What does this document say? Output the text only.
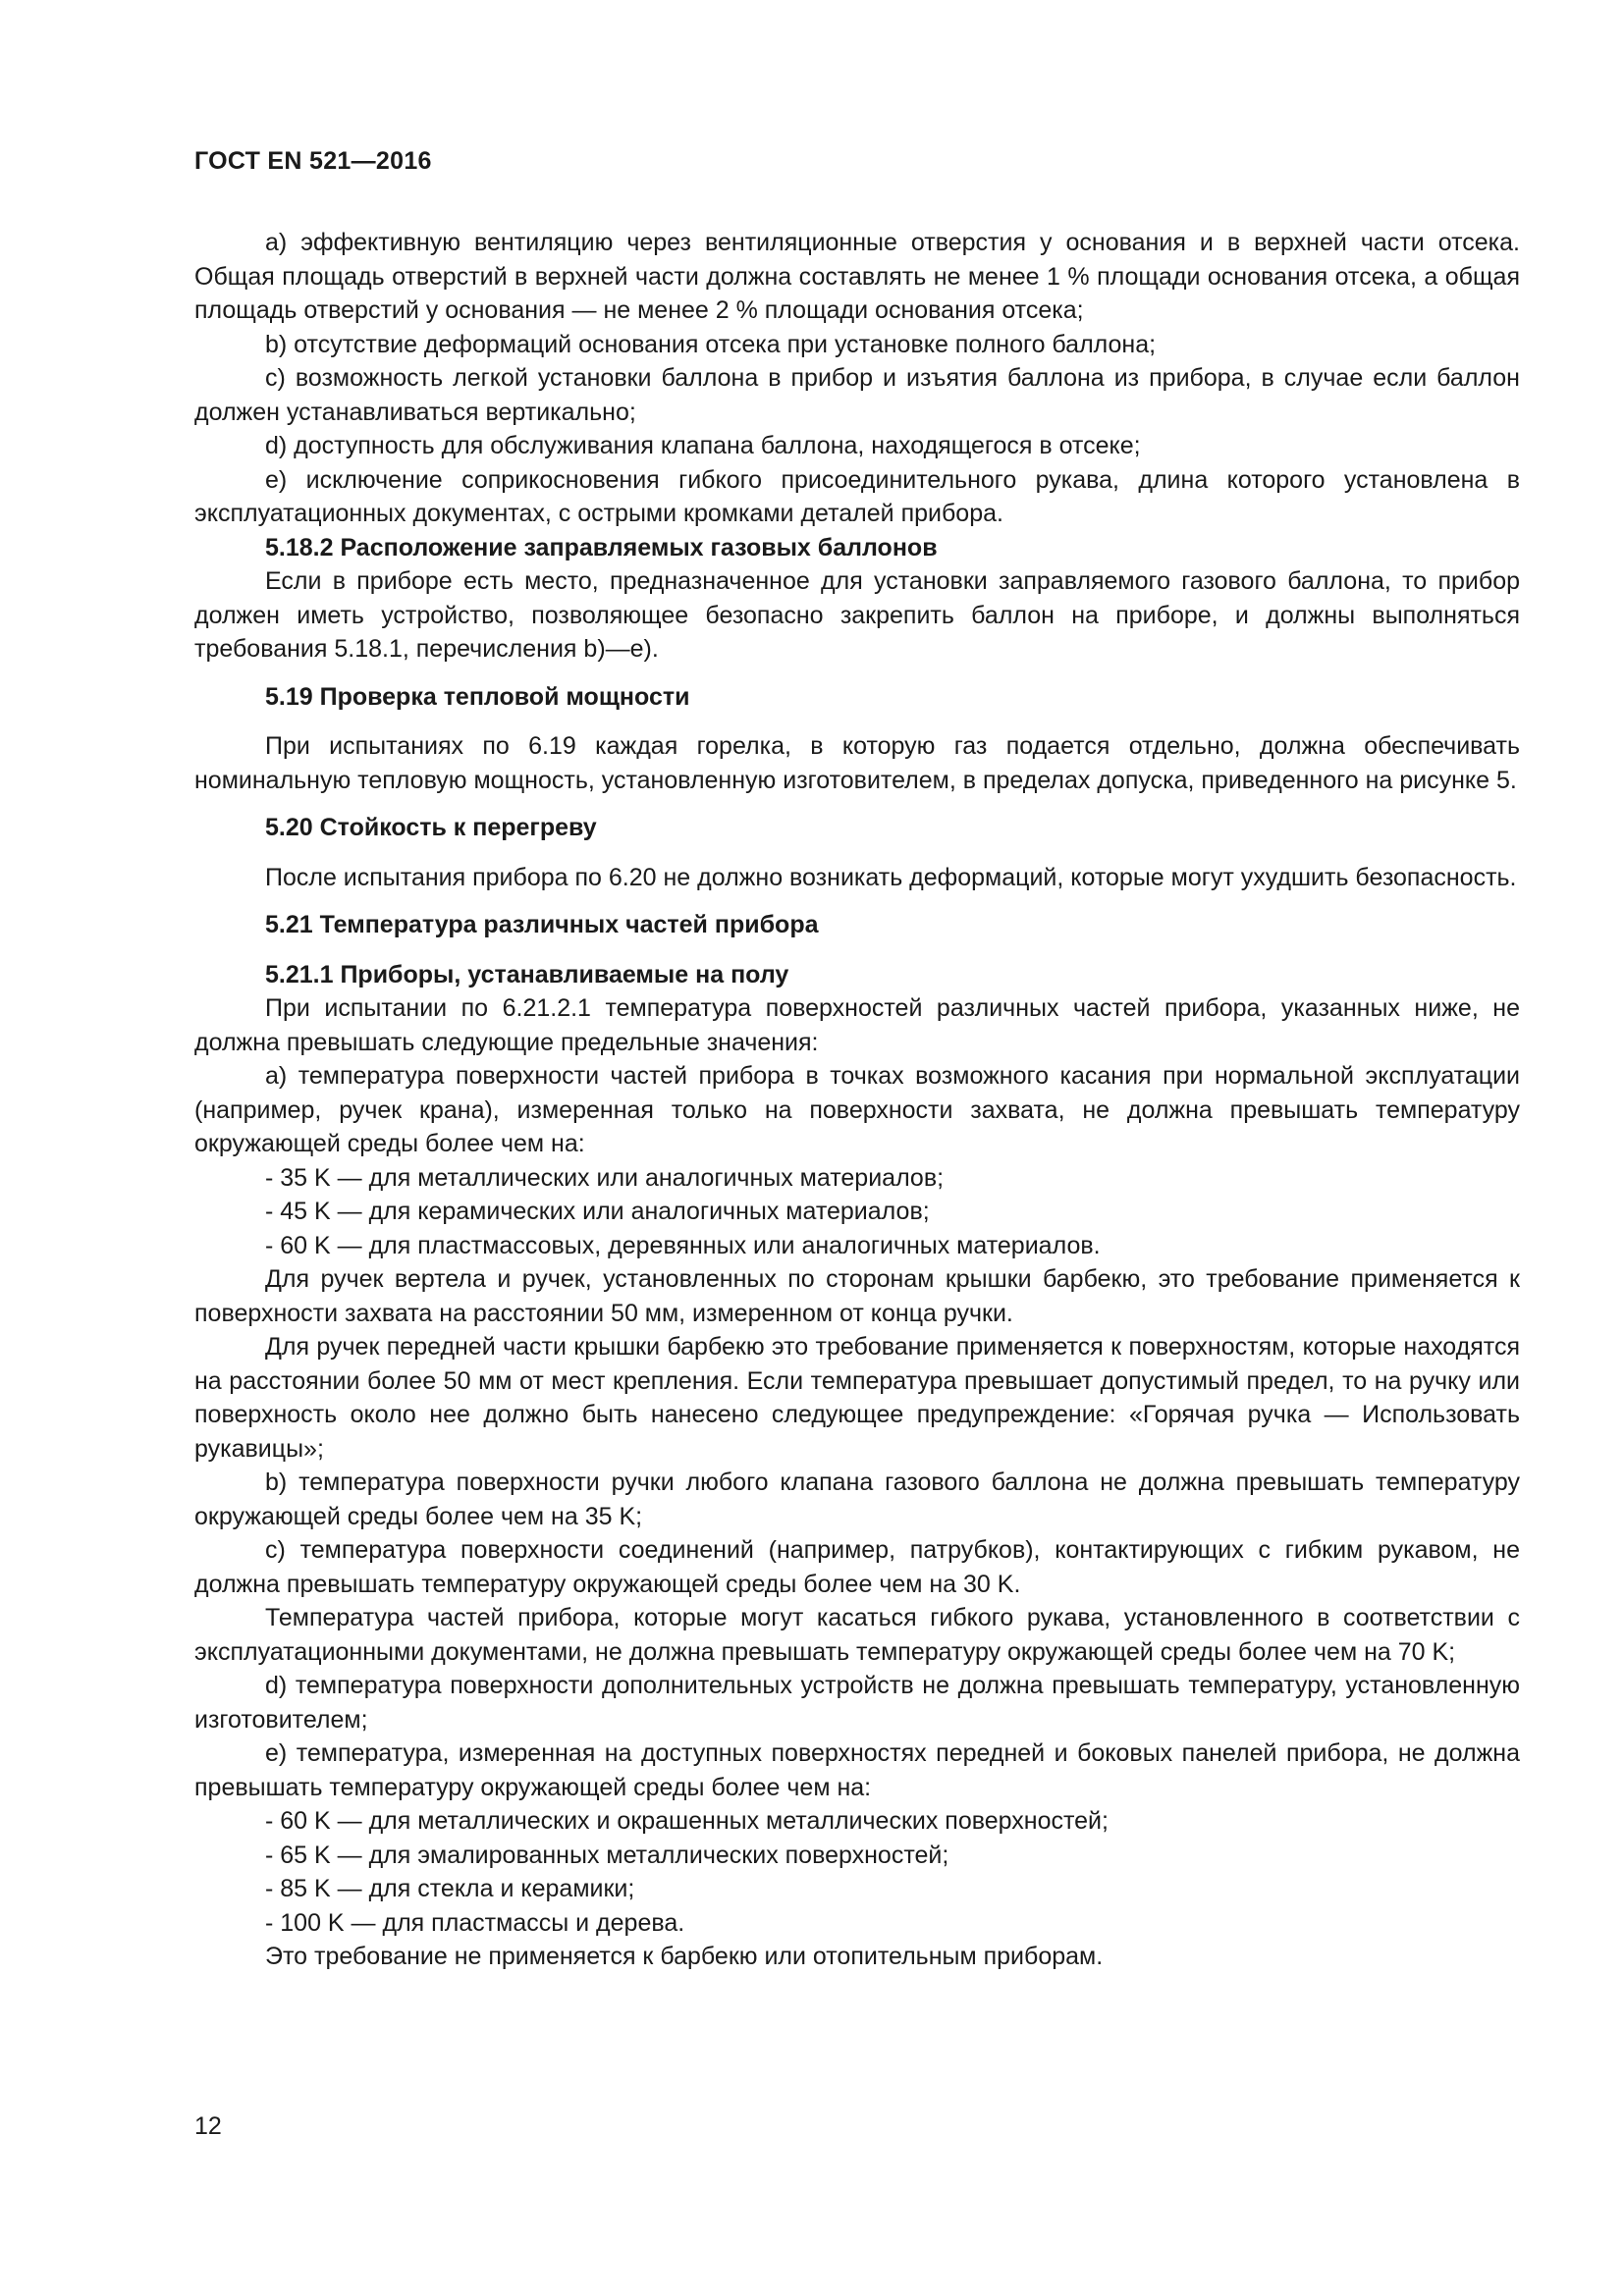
ГОСТ EN 521—2016

a) эффективную вентиляцию через вентиляционные отверстия у основания и в верхней части отсека. Общая площадь отверстий в верхней части должна составлять не менее 1 % площади основания отсека, а общая площадь отверстий у основания — не менее 2 % площади основания отсека;

b) отсутствие деформаций основания отсека при установке полного баллона;

c) возможность легкой установки баллона в прибор и изъятия баллона из прибора, в случае если баллон должен устанавливаться вертикально;

d) доступность для обслуживания клапана баллона, находящегося в отсеке;

e) исключение соприкосновения гибкого присоединительного рукава, длина которого установлена в эксплуатационных документах, с острыми кромками деталей прибора.

5.18.2 Расположение заправляемых газовых баллонов

Если в приборе есть место, предназначенное для установки заправляемого газового баллона, то прибор должен иметь устройство, позволяющее безопасно закрепить баллон на приборе, и должны выполняться требования 5.18.1, перечисления b)—e).

5.19 Проверка тепловой мощности

При испытаниях по 6.19 каждая горелка, в которую газ подается отдельно, должна обеспечивать номинальную тепловую мощность, установленную изготовителем, в пределах допуска, приведенного на рисунке 5.

5.20 Стойкость к перегреву

После испытания прибора по 6.20 не должно возникать деформаций, которые могут ухудшить безопасность.

5.21 Температура различных частей прибора
5.21.1 Приборы, устанавливаемые на полу

При испытании по 6.21.2.1 температура поверхностей различных частей прибора, указанных ниже, не должна превышать следующие предельные значения:

a) температура поверхности частей прибора в точках возможного касания при нормальной эксплуатации (например, ручек крана), измеренная только на поверхности захвата, не должна превышать температуру окружающей среды более чем на:

- 35 K — для металлических или аналогичных материалов;

- 45 K — для керамических или аналогичных материалов;

- 60 K — для пластмассовых, деревянных или аналогичных материалов.

Для ручек вертела и ручек, установленных по сторонам крышки барбекю, это требование применяется к поверхности захвата на расстоянии 50 мм, измеренном от конца ручки.

Для ручек передней части крышки барбекю это требование применяется к поверхностям, которые находятся на расстоянии более 50 мм от мест крепления. Если температура превышает допустимый предел, то на ручку или поверхность около нее должно быть нанесено следующее предупреждение: «Горячая ручка — Использовать рукавицы»;

b) температура поверхности ручки любого клапана газового баллона не должна превышать температуру окружающей среды более чем на 35 K;

c) температура поверхности соединений (например, патрубков), контактирующих с гибким рукавом, не должна превышать температуру окружающей среды более чем на 30 K.

Температура частей прибора, которые могут касаться гибкого рукава, установленного в соответствии с эксплуатационными документами, не должна превышать температуру окружающей среды более чем на 70 K;

d) температура поверхности дополнительных устройств не должна превышать температуру, установленную изготовителем;

e) температура, измеренная на доступных поверхностях передней и боковых панелей прибора, не должна превышать температуру окружающей среды более чем на:

- 60 K — для металлических и окрашенных металлических поверхностей;

- 65 K — для эмалированных металлических поверхностей;

- 85 K — для стекла и керамики;

- 100 K — для пластмассы и дерева.

Это требование не применяется к барбекю или отопительным приборам.

12
